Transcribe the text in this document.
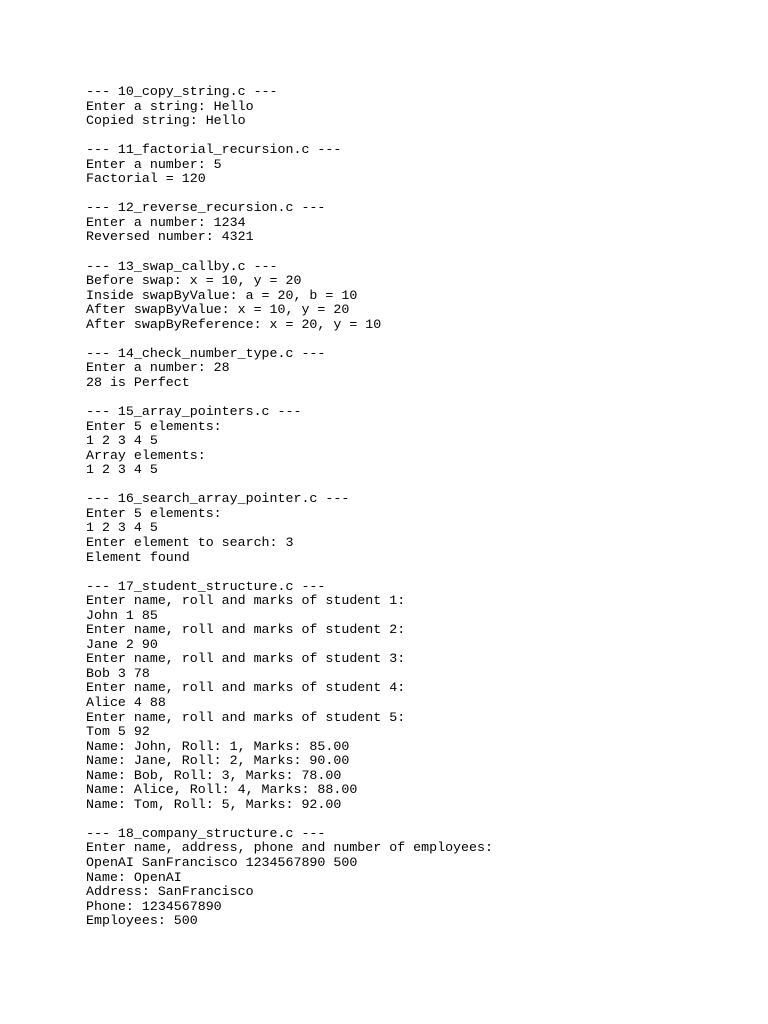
--- 10_copy_string.c ---
Enter a string: Hello
Copied string: Hello
--- 11_factorial_recursion.c ---
Enter a number: 5
Factorial = 120
--- 12_reverse_recursion.c ---
Enter a number: 1234
Reversed number: 4321
--- 13_swap_callby.c ---
Before swap: x = 10, y = 20
Inside swapByValue: a = 20, b = 10
After swapByValue: x = 10, y = 20
After swapByReference: x = 20, y = 10
--- 14_check_number_type.c ---
Enter a number: 28
28 is Perfect
--- 15_array_pointers.c ---
Enter 5 elements:
1 2 3 4 5
Array elements:
1 2 3 4 5
--- 16_search_array_pointer.c ---
Enter 5 elements:
1 2 3 4 5
Enter element to search: 3
Element found
--- 17_student_structure.c ---
Enter name, roll and marks of student 1:
John 1 85
Enter name, roll and marks of student 2:
Jane 2 90
Enter name, roll and marks of student 3:
Bob 3 78
Enter name, roll and marks of student 4:
Alice 4 88
Enter name, roll and marks of student 5:
Tom 5 92
Name: John, Roll: 1, Marks: 85.00
Name: Jane, Roll: 2, Marks: 90.00
Name: Bob, Roll: 3, Marks: 78.00
Name: Alice, Roll: 4, Marks: 88.00
Name: Tom, Roll: 5, Marks: 92.00
--- 18_company_structure.c ---
Enter name, address, phone and number of employees:
OpenAI SanFrancisco 1234567890 500
Name: OpenAI
Address: SanFrancisco
Phone: 1234567890
Employees: 500
